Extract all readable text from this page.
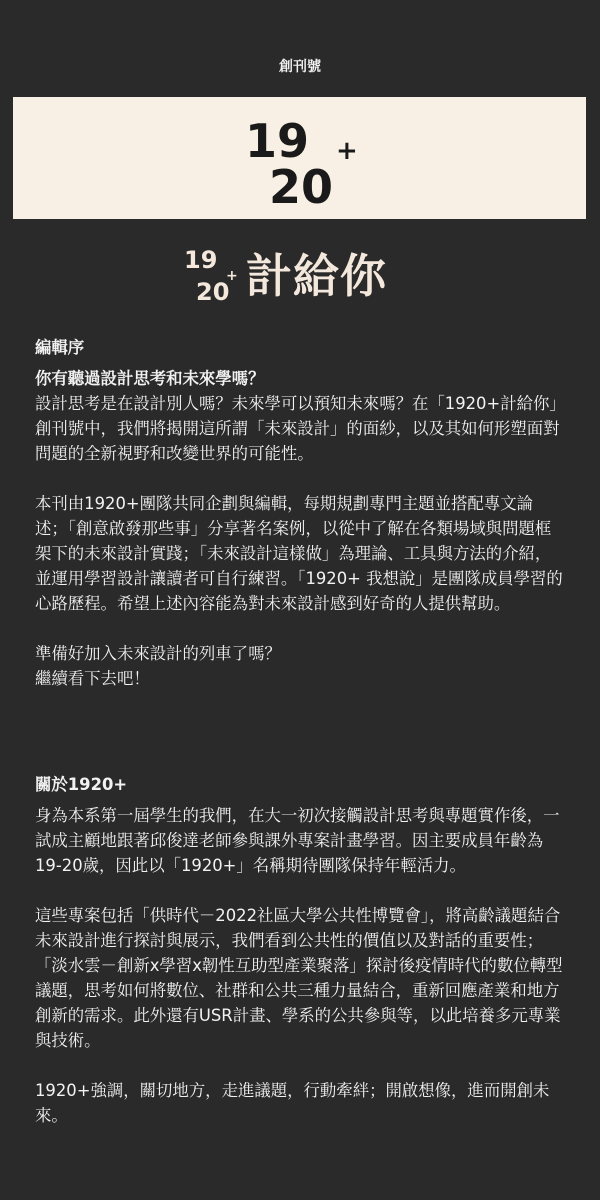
創刊號
19
20
+
19
20
+ 計給你

編輯序

你有聽過設計思考和未來學嗎？

設計思考是在設計別人嗎？未來學可以預知未來嗎？在「1920+計給你」創刊號中，我們將揭開這所謂「未來設計」的面紗，以及其如何形塑面對問題的全新視野和改變世界的可能性。

本刊由1920+團隊共同企劃與編輯，每期規劃專門主題並搭配專文論述；「創意啟發那些事」分享著名案例，以從中了解在各類場域與問題框架下的未來設計實踐；「未來設計這樣做」為理論、工具與方法的介紹，並運用學習設計讓讀者可自行練習。「1920+ 我想說」是團隊成員學習的心路歷程。希望上述內容能為對未來設計感到好奇的人提供幫助。

準備好加入未來設計的列車了嗎？

繼續看下去吧！

關於1920+

身為本系第一屆學生的我們，在大一初次接觸設計思考與專題實作後，一試成主顧地跟著邱俊達老師參與課外專案計畫學習。因主要成員年齡為19-20歲，因此以「1920+」名稱期待團隊保持年輕活力。

這些專案包括「供時代－2022社區大學公共性博覽會」，將高齡議題結合未來設計進行探討與展示，我們看到公共性的價值以及對話的重要性；「淡水雲－創新x學習x韌性互助型產業聚落」探討後疫情時代的數位轉型議題，思考如何將數位、社群和公共三種力量結合，重新回應產業和地方創新的需求。此外還有USR計畫、學系的公共參與等，以此培養多元專業與技術。

1920+強調，關切地方，走進議題，行動牽絆；開啟想像，進而開創未來。
